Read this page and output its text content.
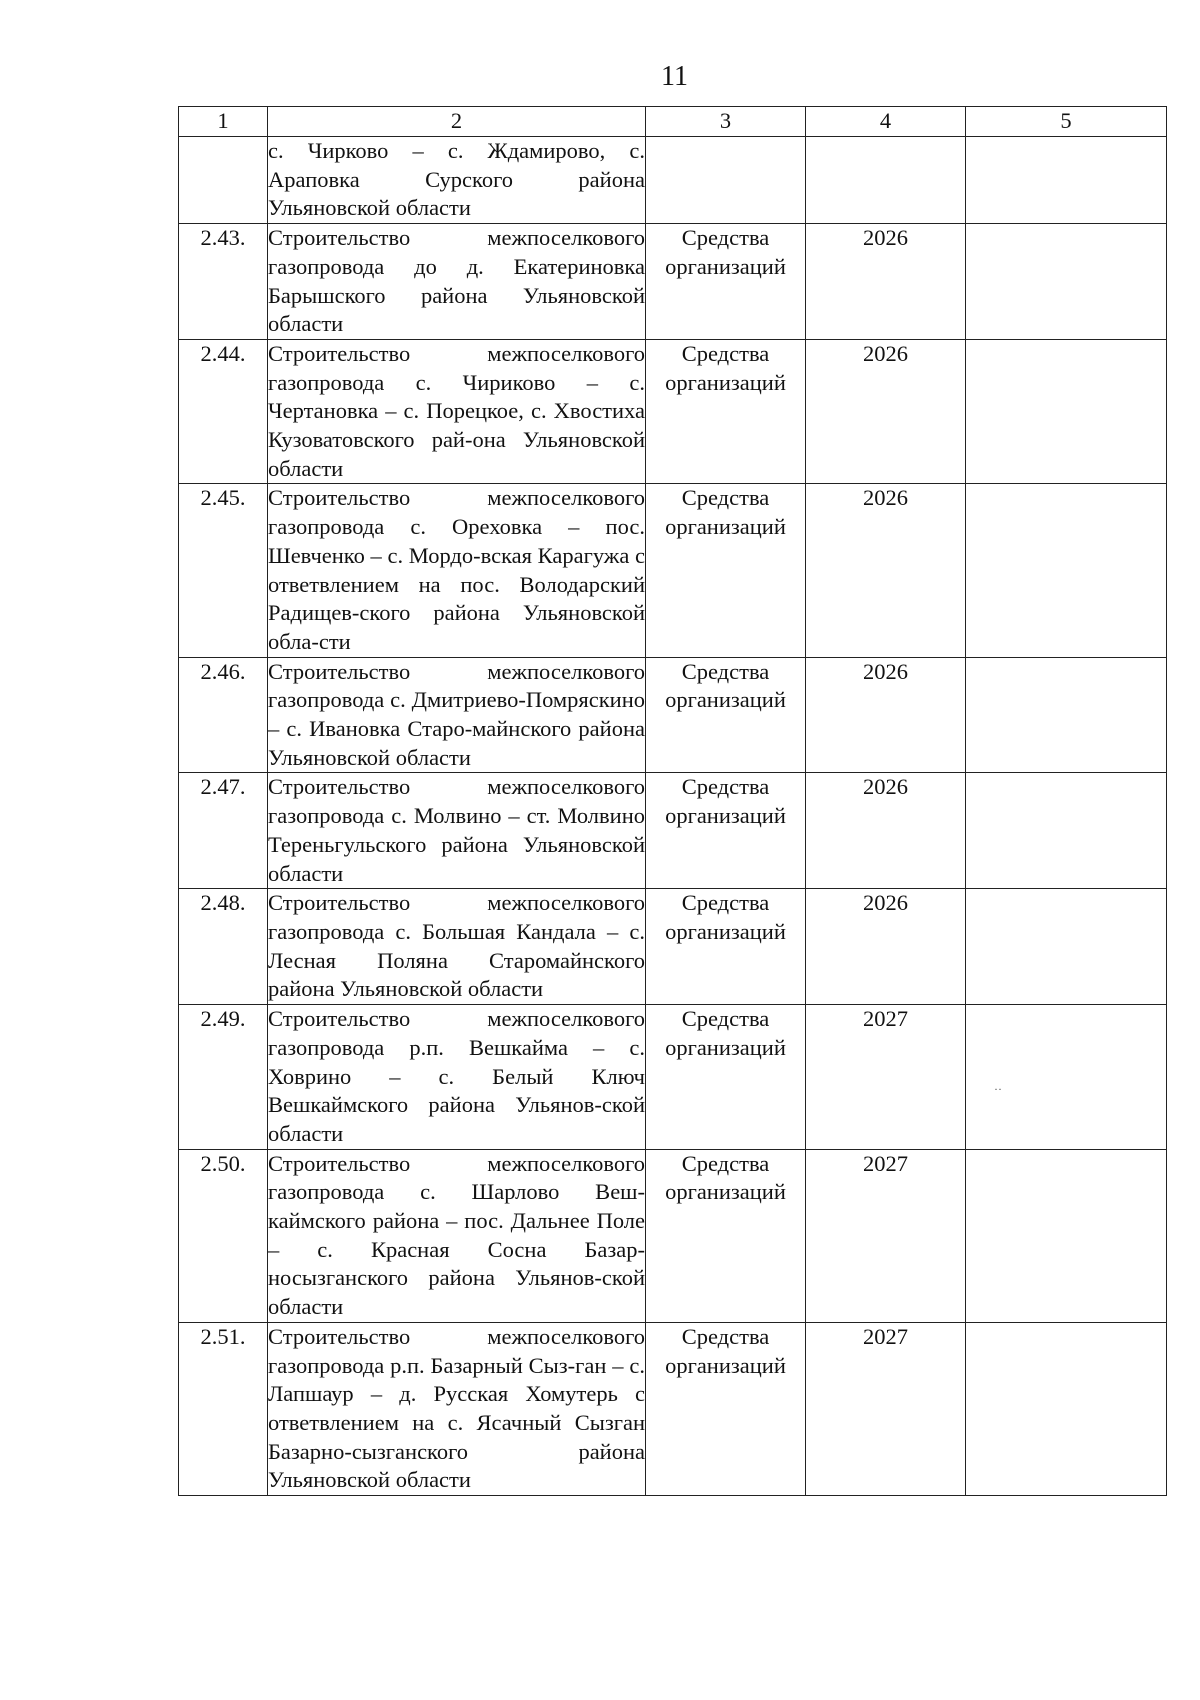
11
1	2	3	4	5
	с. Чирково – с. Ждамирово, с. Араповка Сурского района Ульяновской области			
2.43.	Строительство межпоселкового газопровода до д. Екатериновка Барышского района Ульяновской области	Средства организаций	2026	
2.44.	Строительство межпоселкового газопровода с. Чириково – с. Чертановка – с. Порецкое, с. Хвостиха Кузоватовского рай-она Ульяновской области	Средства организаций	2026	
2.45.	Строительство межпоселкового газопровода с. Ореховка – пос. Шевченко – с. Мордо-вская Карагужа с ответвлением на пос. Володарский Радищев-ского района Ульяновской обла-сти	Средства организаций	2026	
2.46.	Строительство межпоселкового газопровода с. Дмитриево-Помряскино – с. Ивановка Старо-майнского района Ульяновской области	Средства организаций	2026	
2.47.	Строительство межпоселкового газопровода с. Молвино – ст. Молвино Тереньгульского района Ульяновской области	Средства организаций	2026	
2.48.	Строительство межпоселкового газопровода с. Большая Кандала – с. Лесная Поляна Старомайнского района Ульяновской области	Средства организаций	2026	
2.49.	Строительство межпоселкового газопровода р.п. Вешкайма – с. Ховрино – с. Белый Ключ Вешкаймского района Ульянов-ской области	Средства организаций	2027	··

2.50.	Строительство межпоселкового газопровода с. Шарлово Веш-каймского района – пос. Дальнее Поле – с. Красная Сосна Базар-носызганского района Ульянов-ской области	Средства организаций	2027	
2.51.	Строительство межпоселкового газопровода р.п. Базарный Сыз-ган – с. Лапшаур – д. Русская Хомутерь с ответвлением на с. Ясачный Сызган Базарно-сызганского района Ульяновской области	Средства организаций	2027	
